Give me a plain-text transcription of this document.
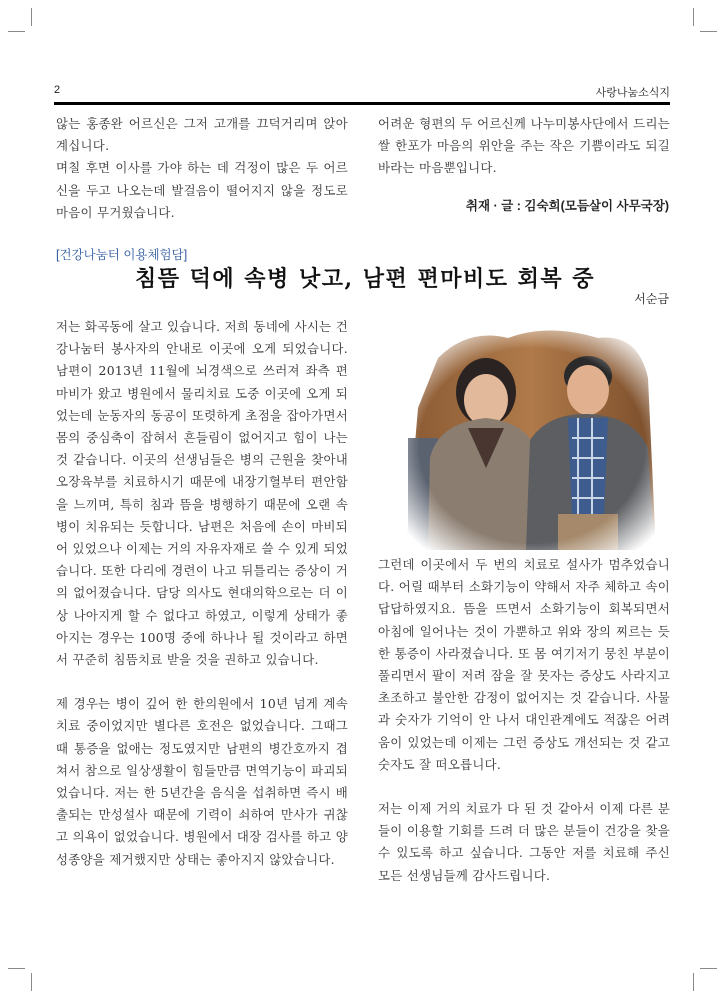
2	사랑나눔소식지

않는 홍종완 어르신은 그저 고개를 끄덕거리며 앉아계십니다.

며칠 후면 이사를 가야 하는 데 걱정이 많은 두 어르신을 두고 나오는데 발걸음이 떨어지지 않을 정도로 마음이 무거웠습니다.

어려운 형편의 두 어르신께 나누미봉사단에서 드리는 쌀 한포가 마음의 위안을 주는 작은 기쁨이라도 되길 바라는 마음뿐입니다.

취재 · 글 : 김숙희(모듬살이 사무국장)
[건강나눔터 이용체험담]
침뜸 덕에 속병 낫고, 남편 편마비도 회복 중
서순금

저는 화곡동에 살고 있습니다. 저희 동네에 사시는 건강나눔터 봉사자의 안내로 이곳에 오게 되었습니다. 남편이 2013년 11월에 뇌경색으로 쓰러져 좌측 편마비가 왔고 병원에서 물리치료 도중 이곳에 오게 되었는데 눈동자의 동공이 또렷하게 초점을 잡아가면서 몸의 중심축이 잡혀서 흔들림이 없어지고 힘이 나는 것 같습니다. 이곳의 선생님들은 병의 근원을 찾아내 오장육부를 치료하시기 때문에 내장기혈부터 편안함을 느끼며, 특히 침과 뜸을 병행하기 때문에 오랜 속병이 치유되는 듯합니다. 남편은 처음에 손이 마비되어 있었으나 이제는 거의 자유자재로 쓸 수 있게 되었습니다. 또한 다리에 경련이 나고 뒤틀리는 증상이 거의 없어졌습니다. 담당 의사도 현대의학으로는 더 이상 나아지게 할 수 없다고 하였고, 이렇게 상태가 좋아지는 경우는 100명 중에 하나나 될 것이라고 하면서 꾸준히 침뜸치료 받을 것을 권하고 있습니다.

제 경우는 병이 깊어 한 한의원에서 10년 넘게 계속 치료 중이었지만 별다른 호전은 없었습니다. 그때그때 통증을 없애는 정도였지만 남편의 병간호까지 겹쳐서 참으로 일상생활이 힘들만큼 면역기능이 파괴되었습니다. 저는 한 5년간을 음식을 섭취하면 즉시 배출되는 만성설사 때문에 기력이 쇠하여 만사가 귀찮고 의욕이 없었습니다. 병원에서 대장 검사를 하고 양성종양을 제거했지만 상태는 좋아지지 않았습니다.

그런데 이곳에서 두 번의 치료로 설사가 멈추었습니다. 어릴 때부터 소화기능이 약해서 자주 체하고 속이 답답하였지요. 뜸을 뜨면서 소화기능이 회복되면서 아침에 일어나는 것이 가뿐하고 위와 장의 찌르는 듯한 통증이 사라졌습니다. 또 몸 여기저기 뭉친 부분이 풀리면서 팔이 저려 잠을 잘 못자는 증상도 사라지고 초조하고 불안한 감정이 없어지는 것 같습니다. 사물과 숫자가 기억이 안 나서 대인관계에도 적잖은 어려움이 있었는데 이제는 그런 증상도 개선되는 것 같고 숫자도 잘 떠오릅니다.

저는 이제 거의 치료가 다 된 것 같아서 이제 다른 분들이 이용할 기회를 드려 더 많은 분들이 건강을 찾을 수 있도록 하고 싶습니다. 그동안 저를 치료해 주신 모든 선생님들께 감사드립니다.
